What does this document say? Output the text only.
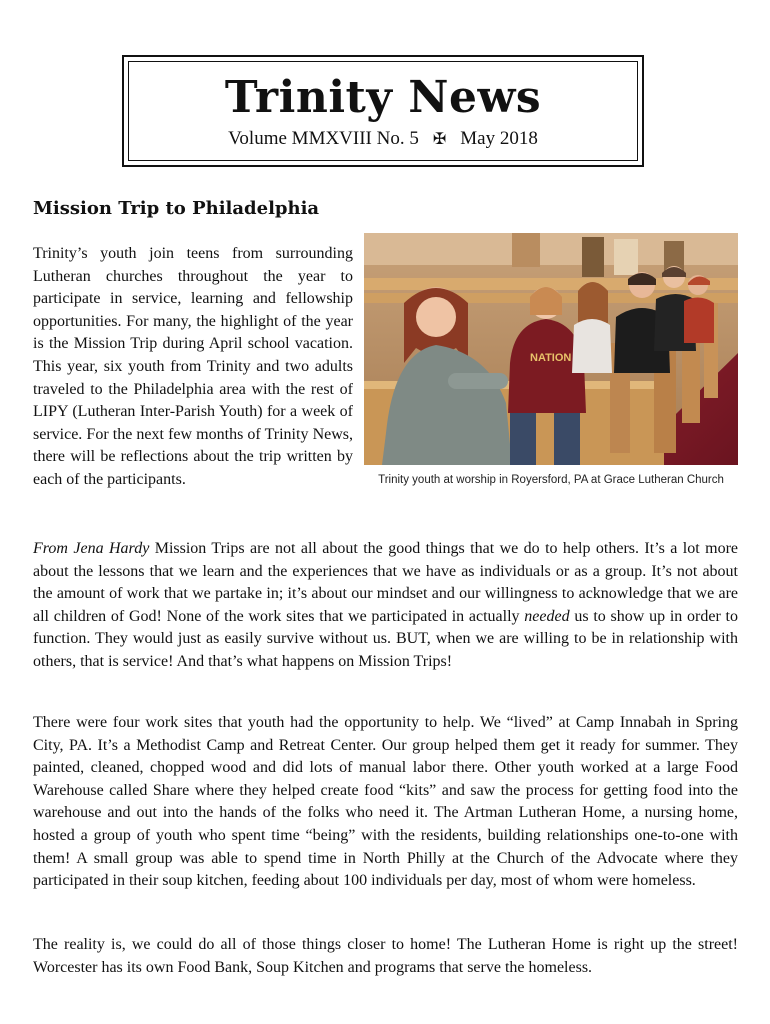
Trinity News
Volume MMXVIII No. 5 ✠ May 2018
Mission Trip to Philadelphia

Trinity’s youth join teens from surrounding Lutheran churches throughout the year to participate in service, learning and fellowship opportunities. For many, the highlight of the year is the Mission Trip during April school vacation. This year, six youth from Trinity and two adults traveled to the Philadelphia area with the rest of LIPY (Lutheran Inter-Parish Youth) for a week of service. For the next few months of Trinity News, there will be reflections about the trip written by each of the participants.

NATION

Trinity youth at worship in Royersford, PA at Grace Lutheran Church

From Jena Hardy Mission Trips are not all about the good things that we do to help others. It’s a lot more about the lessons that we learn and the experiences that we have as individuals or as a group. It’s not about the amount of work that we partake in; it’s about our mindset and our willingness to acknowledge that we are all children of God! None of the work sites that we participated in actually needed us to show up in order to function. They would just as easily survive without us. BUT, when we are willing to be in relationship with others, that is service! And that’s what happens on Mission Trips!

There were four work sites that youth had the opportunity to help. We “lived” at Camp Innabah in Spring City, PA. It’s a Methodist Camp and Retreat Center. Our group helped them get it ready for summer. They painted, cleaned, chopped wood and did lots of manual labor there. Other youth worked at a large Food Warehouse called Share where they helped create food “kits” and saw the process for getting food into the warehouse and out into the hands of the folks who need it. The Artman Lutheran Home, a nursing home, hosted a group of youth who spent time “being” with the residents, building relationships one-to-one with them! A small group was able to spend time in North Philly at the Church of the Advocate where they participated in their soup kitchen, feeding about 100 individuals per day, most of whom were homeless.

The reality is, we could do all of those things closer to home! The Lutheran Home is right up the street! Worcester has its own Food Bank, Soup Kitchen and programs that serve the homeless.
